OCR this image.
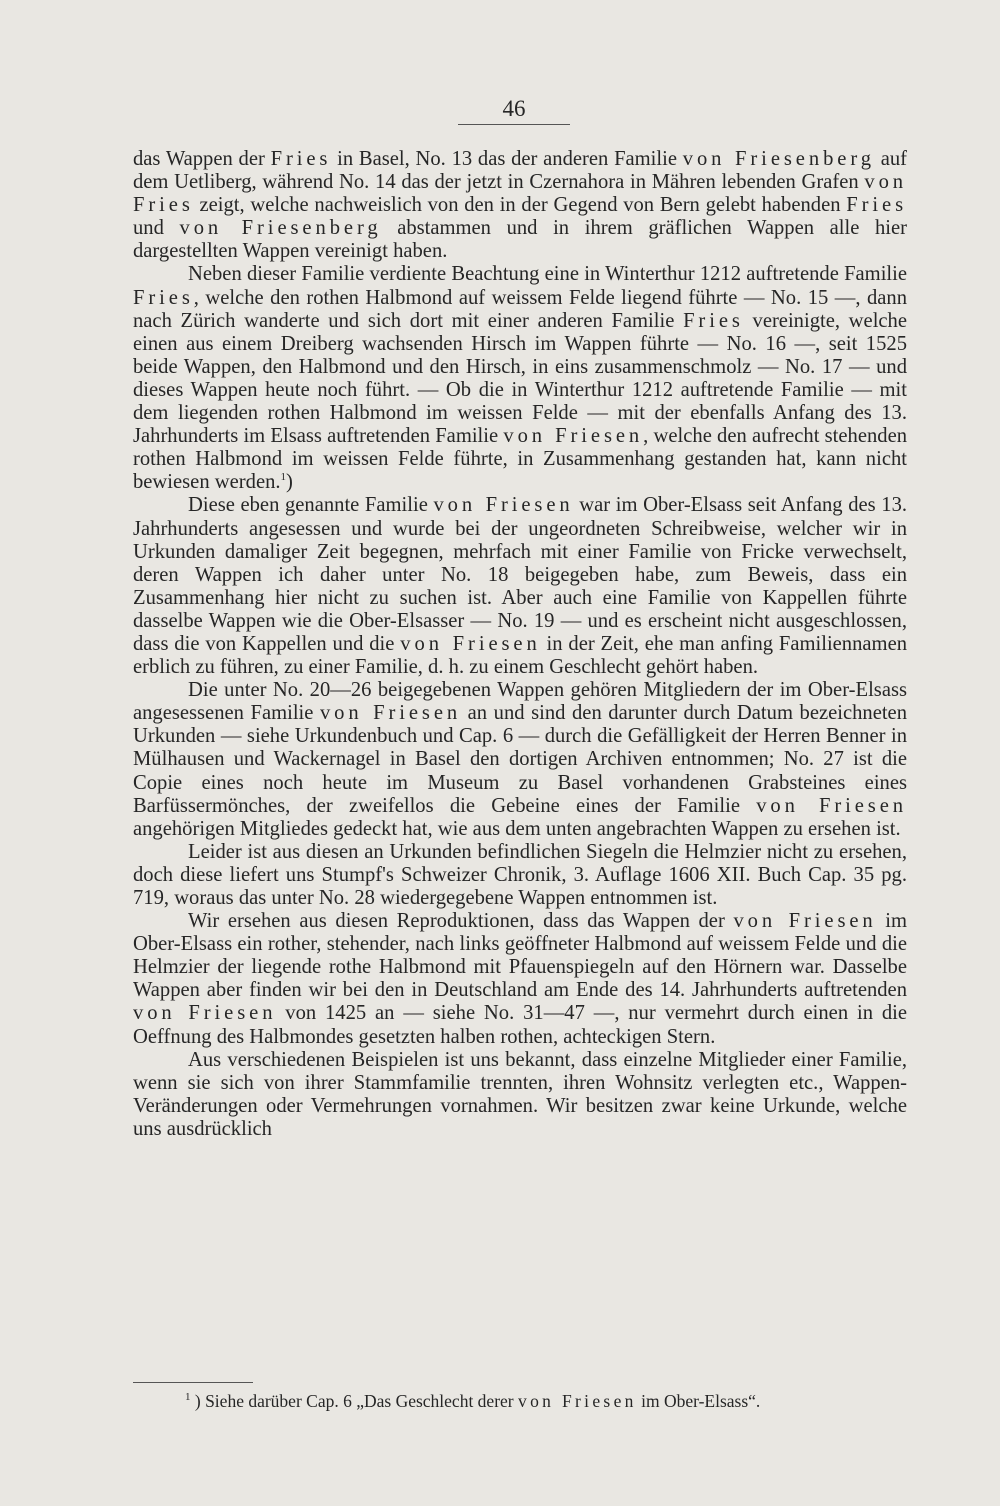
46

das Wappen der Fries in Basel, No. 13 das der anderen Familie von Friesenberg auf dem Uetliberg, während No. 14 das der jetzt in Czernahora in Mähren lebenden Grafen von Fries zeigt, welche nachweislich von den in der Gegend von Bern gelebt habenden Fries und von Friesenberg abstammen und in ihrem gräflichen Wappen alle hier dargestellten Wappen vereinigt haben.

Neben dieser Familie verdiente Beachtung eine in Winterthur 1212 auftretende Familie Fries, welche den rothen Halbmond auf weissem Felde liegend führte — No. 15 —, dann nach Zürich wanderte und sich dort mit einer anderen Familie Fries vereinigte, welche einen aus einem Dreiberg wachsenden Hirsch im Wappen führte — No. 16 —, seit 1525 beide Wappen, den Halbmond und den Hirsch, in eins zusammenschmolz — No. 17 — und dieses Wappen heute noch führt. — Ob die in Winterthur 1212 auftretende Familie — mit dem liegenden rothen Halbmond im weissen Felde — mit der ebenfalls Anfang des 13. Jahrhunderts im Elsass auftretenden Familie von Friesen, welche den aufrecht stehenden rothen Halbmond im weissen Felde führte, in Zusammenhang gestanden hat, kann nicht bewiesen werden.$^1$)

Diese eben genannte Familie von Friesen war im Ober-Elsass seit Anfang des 13. Jahrhunderts angesessen und wurde bei der ungeordneten Schreibweise, welcher wir in Urkunden damaliger Zeit begegnen, mehrfach mit einer Familie von Fricke verwechselt, deren Wappen ich daher unter No. 18 beigegeben habe, zum Beweis, dass ein Zusammenhang hier nicht zu suchen ist. Aber auch eine Familie von Kappellen führte dasselbe Wappen wie die Ober-Elsasser — No. 19 — und es erscheint nicht ausgeschlossen, dass die von Kappellen und die von Friesen in der Zeit, ehe man anfing Familiennamen erblich zu führen, zu einer Familie, d. h. zu einem Geschlecht gehört haben.

Die unter No. 20—26 beigegebenen Wappen gehören Mitgliedern der im Ober-Elsass angesessenen Familie von Friesen an und sind den darunter durch Datum bezeichneten Urkunden — siehe Urkundenbuch und Cap. 6 — durch die Gefälligkeit der Herren Benner in Mülhausen und Wackernagel in Basel den dortigen Archiven entnommen; No. 27 ist die Copie eines noch heute im Museum zu Basel vorhandenen Grabsteines eines Barfüssermönches, der zweifellos die Gebeine eines der Familie von Friesen angehörigen Mitgliedes gedeckt hat, wie aus dem unten angebrachten Wappen zu ersehen ist.

Leider ist aus diesen an Urkunden befindlichen Siegeln die Helmzier nicht zu ersehen, doch diese liefert uns Stumpf's Schweizer Chronik, 3. Auflage 1606 XII. Buch Cap. 35 pg. 719, woraus das unter No. 28 wiedergegebene Wappen entnommen ist.

Wir ersehen aus diesen Reproduktionen, dass das Wappen der von Friesen im Ober-Elsass ein rother, stehender, nach links geöffneter Halbmond auf weissem Felde und die Helmzier der liegende rothe Halbmond mit Pfauenspiegeln auf den Hörnern war. Dasselbe Wappen aber finden wir bei den in Deutschland am Ende des 14. Jahrhunderts auftretenden von Friesen von 1425 an — siehe No. 31—47 —, nur vermehrt durch einen in die Oeffnung des Halbmondes gesetzten halben rothen, achteckigen Stern.

Aus verschiedenen Beispielen ist uns bekannt, dass einzelne Mitglieder einer Familie, wenn sie sich von ihrer Stammfamilie trennten, ihren Wohnsitz verlegten etc., Wappen-Veränderungen oder Vermehrungen vornahmen. Wir besitzen zwar keine Urkunde, welche uns ausdrücklich

$^1$ ) Siehe darüber Cap. 6 „Das Geschlecht derer von Friesen im Ober-Elsass“.
